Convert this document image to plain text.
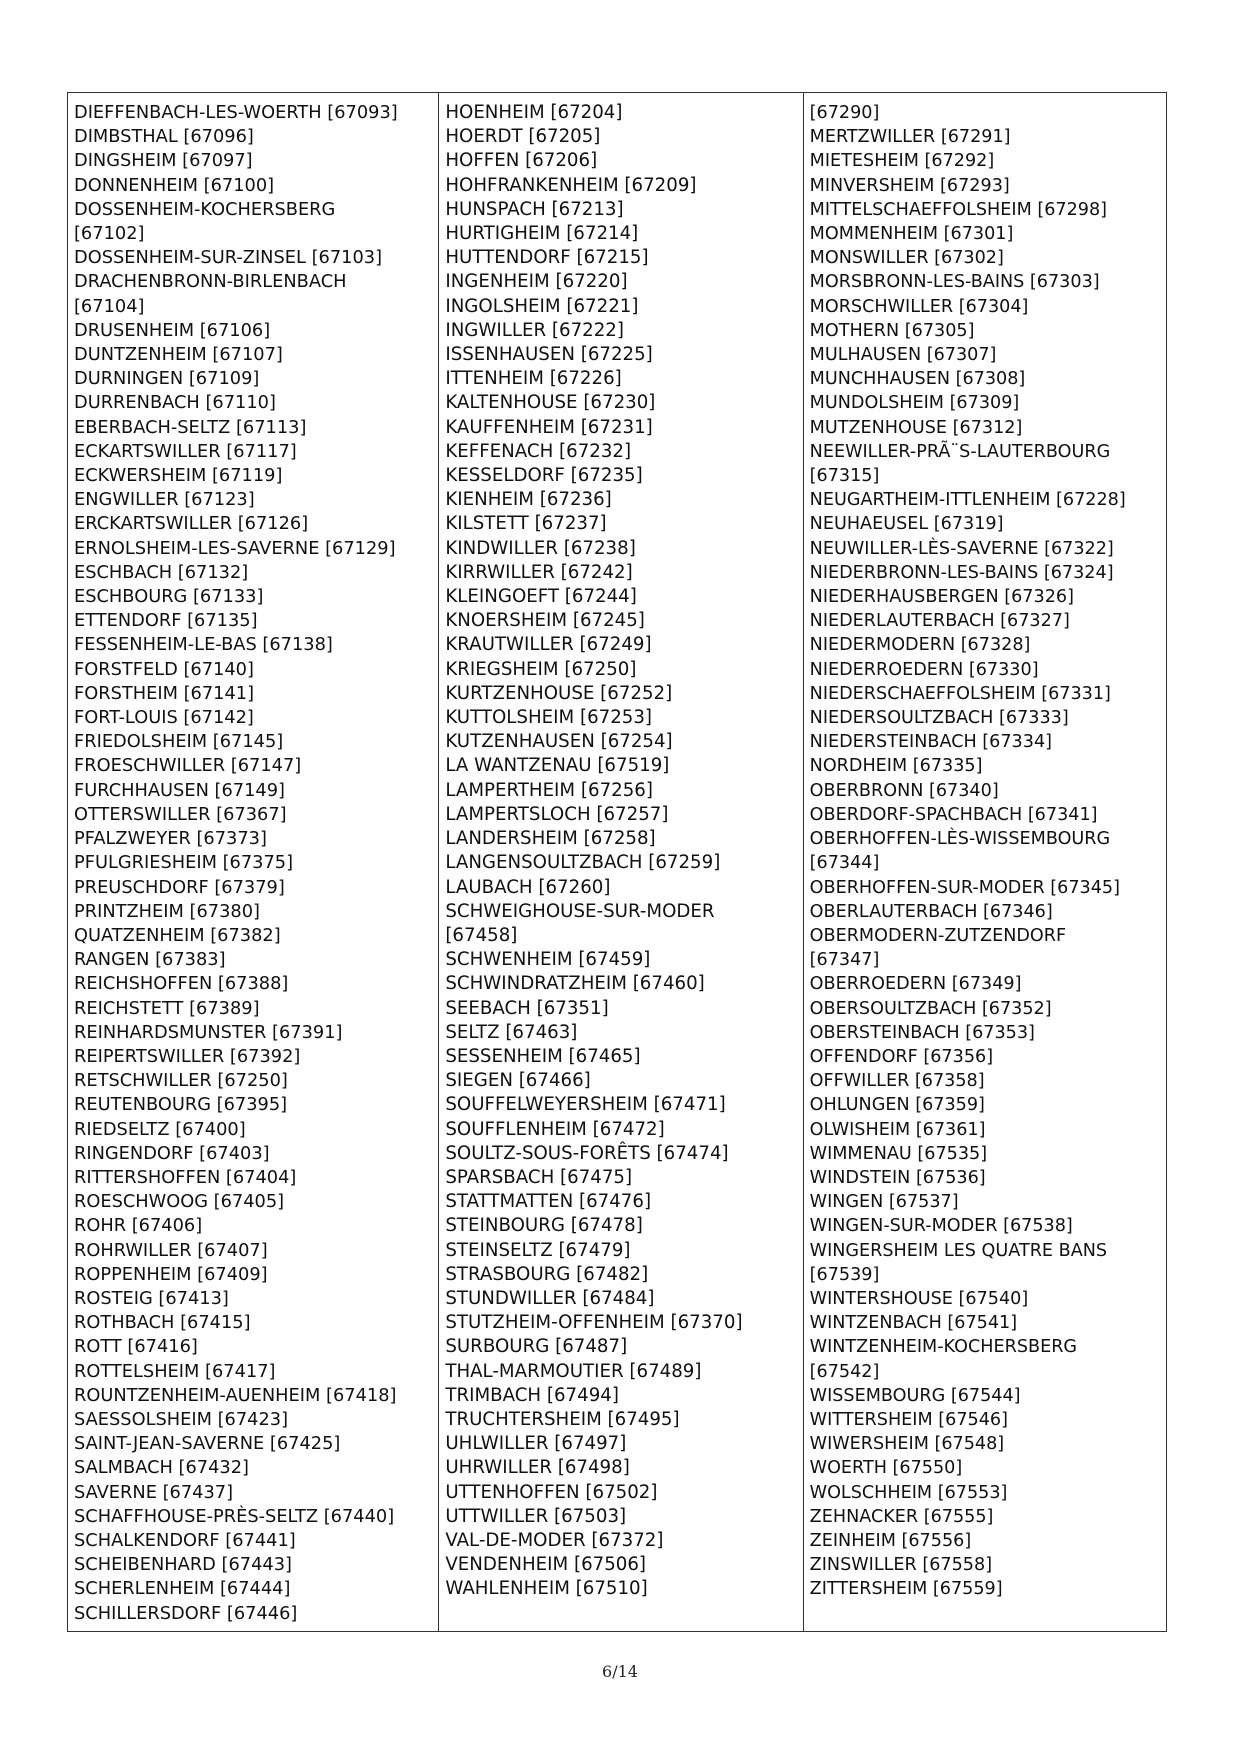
DIEFFENBACH-LES-WOERTH [67093]
DIMBSTHAL [67096]
DINGSHEIM [67097]
DONNENHEIM [67100]
DOSSENHEIM-KOCHERSBERG
[67102]
DOSSENHEIM-SUR-ZINSEL [67103]
DRACHENBRONN-BIRLENBACH
[67104]
DRUSENHEIM [67106]
DUNTZENHEIM [67107]
DURNINGEN [67109]
DURRENBACH [67110]
EBERBACH-SELTZ [67113]
ECKARTSWILLER [67117]
ECKWERSHEIM [67119]
ENGWILLER [67123]
ERCKARTSWILLER [67126]
ERNOLSHEIM-LES-SAVERNE [67129]
ESCHBACH [67132]
ESCHBOURG [67133]
ETTENDORF [67135]
FESSENHEIM-LE-BAS [67138]
FORSTFELD [67140]
FORSTHEIM [67141]
FORT-LOUIS [67142]
FRIEDOLSHEIM [67145]
FROESCHWILLER [67147]
FURCHHAUSEN [67149]
OTTERSWILLER [67367]
PFALZWEYER [67373]
PFULGRIESHEIM [67375]
PREUSCHDORF [67379]
PRINTZHEIM [67380]
QUATZENHEIM [67382]
RANGEN [67383]
REICHSHOFFEN [67388]
REICHSTETT [67389]
REINHARDSMUNSTER [67391]
REIPERTSWILLER [67392]
RETSCHWILLER [67250]
REUTENBOURG [67395]
RIEDSELTZ [67400]
RINGENDORF [67403]
RITTERSHOFFEN [67404]
ROESCHWOOG [67405]
ROHR [67406]
ROHRWILLER [67407]
ROPPENHEIM [67409]
ROSTEIG [67413]
ROTHBACH [67415]
ROTT [67416]
ROTTELSHEIM [67417]
ROUNTZENHEIM-AUENHEIM [67418]
SAESSOLSHEIM [67423]
SAINT-JEAN-SAVERNE [67425]
SALMBACH [67432]
SAVERNE [67437]
SCHAFFHOUSE-PRÈS-SELTZ [67440]
SCHALKENDORF [67441]
SCHEIBENHARD [67443]
SCHERLENHEIM [67444]
SCHILLERSDORF [67446]
HOENHEIM [67204]
HOERDT [67205]
HOFFEN [67206]
HOHFRANKENHEIM [67209]
HUNSPACH [67213]
HURTIGHEIM [67214]
HUTTENDORF [67215]
INGENHEIM [67220]
INGOLSHEIM [67221]
INGWILLER [67222]
ISSENHAUSEN [67225]
ITTENHEIM [67226]
KALTENHOUSE [67230]
KAUFFENHEIM [67231]
KEFFENACH [67232]
KESSELDORF [67235]
KIENHEIM [67236]
KILSTETT [67237]
KINDWILLER [67238]
KIRRWILLER [67242]
KLEINGOEFT [67244]
KNOERSHEIM [67245]
KRAUTWILLER [67249]
KRIEGSHEIM [67250]
KURTZENHOUSE [67252]
KUTTOLSHEIM [67253]
KUTZENHAUSEN [67254]
LA WANTZENAU [67519]
LAMPERTHEIM [67256]
LAMPERTSLOCH [67257]
LANDERSHEIM [67258]
LANGENSOULTZBACH [67259]
LAUBACH [67260]
SCHWEIGHOUSE-SUR-MODER
[67458]
SCHWENHEIM [67459]
SCHWINDRATZHEIM [67460]
SEEBACH [67351]
SELTZ [67463]
SESSENHEIM [67465]
SIEGEN [67466]
SOUFFELWEYERSHEIM [67471]
SOUFFLENHEIM [67472]
SOULTZ-SOUS-FORÊTS [67474]
SPARSBACH [67475]
STATTMATTEN [67476]
STEINBOURG [67478]
STEINSELTZ [67479]
STRASBOURG [67482]
STUNDWILLER [67484]
STUTZHEIM-OFFENHEIM [67370]
SURBOURG [67487]
THAL-MARMOUTIER [67489]
TRIMBACH [67494]
TRUCHTERSHEIM [67495]
UHLWILLER [67497]
UHRWILLER [67498]
UTTENHOFFEN [67502]
UTTWILLER [67503]
VAL-DE-MODER [67372]
VENDENHEIM [67506]
WAHLENHEIM [67510]
[67290]
MERTZWILLER [67291]
MIETESHEIM [67292]
MINVERSHEIM [67293]
MITTELSCHAEFFOLSHEIM [67298]
MOMMENHEIM [67301]
MONSWILLER [67302]
MORSBRONN-LES-BAINS [67303]
MORSCHWILLER [67304]
MOTHERN [67305]
MULHAUSEN [67307]
MUNCHHAUSEN [67308]
MUNDOLSHEIM [67309]
MUTZENHOUSE [67312]
NEEWILLER-PRÃ¨S-LAUTERBOURG
[67315]
NEUGARTHEIM-ITTLENHEIM [67228]
NEUHAEUSEL [67319]
NEUWILLER-LÈS-SAVERNE [67322]
NIEDERBRONN-LES-BAINS [67324]
NIEDERHAUSBERGEN [67326]
NIEDERLAUTERBACH [67327]
NIEDERMODERN [67328]
NIEDERROEDERN [67330]
NIEDERSCHAEFFOLSHEIM [67331]
NIEDERSOULTZBACH [67333]
NIEDERSTEINBACH [67334]
NORDHEIM [67335]
OBERBRONN [67340]
OBERDORF-SPACHBACH [67341]
OBERHOFFEN-LÈS-WISSEMBOURG
[67344]
OBERHOFFEN-SUR-MODER [67345]
OBERLAUTERBACH [67346]
OBERMODERN-ZUTZENDORF
[67347]
OBERROEDERN [67349]
OBERSOULTZBACH [67352]
OBERSTEINBACH [67353]
OFFENDORF [67356]
OFFWILLER [67358]
OHLUNGEN [67359]
OLWISHEIM [67361]
WIMMENAU [67535]
WINDSTEIN [67536]
WINGEN [67537]
WINGEN-SUR-MODER [67538]
WINGERSHEIM LES QUATRE BANS
[67539]
WINTERSHOUSE [67540]
WINTZENBACH [67541]
WINTZENHEIM-KOCHERSBERG
[67542]
WISSEMBOURG [67544]
WITTERSHEIM [67546]
WIWERSHEIM [67548]
WOERTH [67550]
WOLSCHHEIM [67553]
ZEHNACKER [67555]
ZEINHEIM [67556]
ZINSWILLER [67558]
ZITTERSHEIM [67559]
6/14
